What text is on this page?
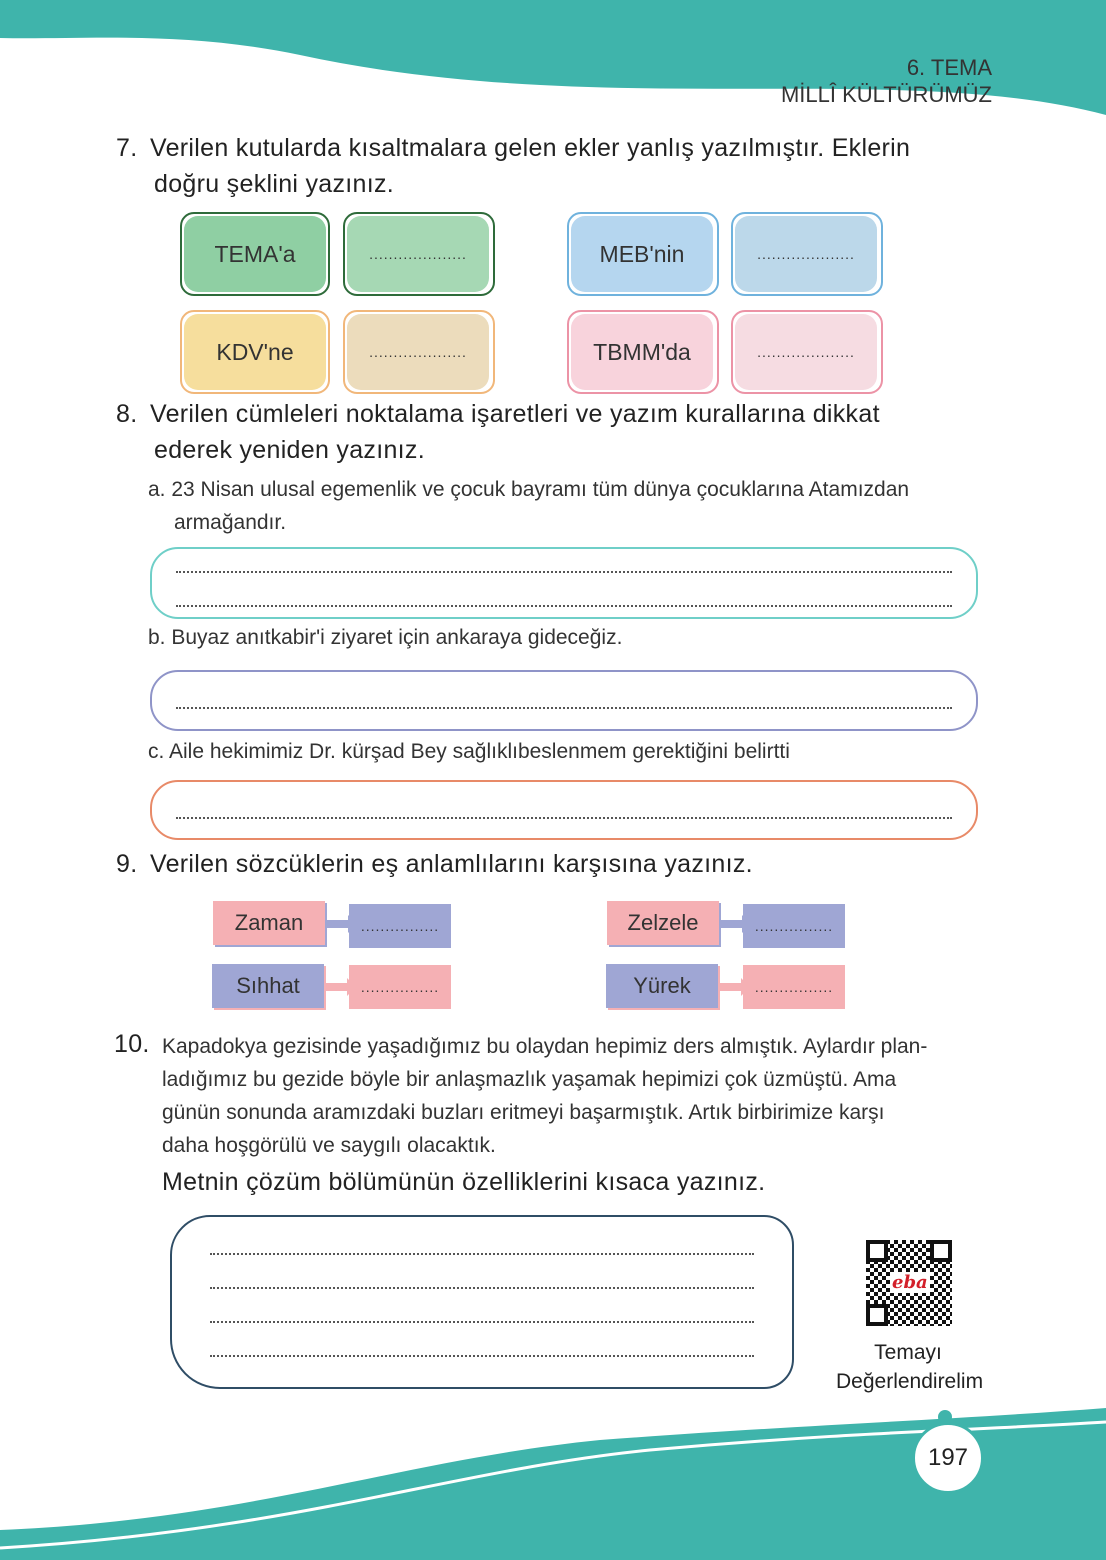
6. TEMA
MİLLÎ KÜLTÜRÜMÜZ
7. Verilen kutularda kısaltmalara gelen ekler yanlış yazılmıştır. Eklerin
doğru şeklini yazınız.
TEMA'a	....................	MEB'nin	....................
KDV'ne	....................	TBMM'da	....................
8. Verilen cümleleri noktalama işaretleri ve yazım kurallarına dikkat
ederek yeniden yazınız.
a. 23 Nisan ulusal egemenlik ve çocuk bayramı tüm dünya çocuklarına Atamızdan
armağandır.
b. Buyaz anıtkabir'i ziyaret için ankaraya gideceğiz.
c. Aile hekimimiz Dr. kürşad Bey sağlıklıbeslenmem gerektiğini belirtti
9. Verilen sözcüklerin eş anlamlılarını karşısına yazınız.
Zaman	................	Zelzele	................
Sıhhat	................	Yürek	................
10. Kapadokya gezisinde yaşadığımız bu olaydan hepimiz ders almıştık. Aylardır plan-
ladığımız bu gezide böyle bir anlaşmazlık yaşamak hepimizi çok üzmüştü. Ama
günün sonunda aramızdaki buzları eritmeyi başarmıştık. Artık birbirimize karşı
daha hoşgörülü ve saygılı olacaktık.
Metnin çözüm bölümünün özelliklerini kısaca yazınız.
eba
Temayı
Değerlendirelim
197
